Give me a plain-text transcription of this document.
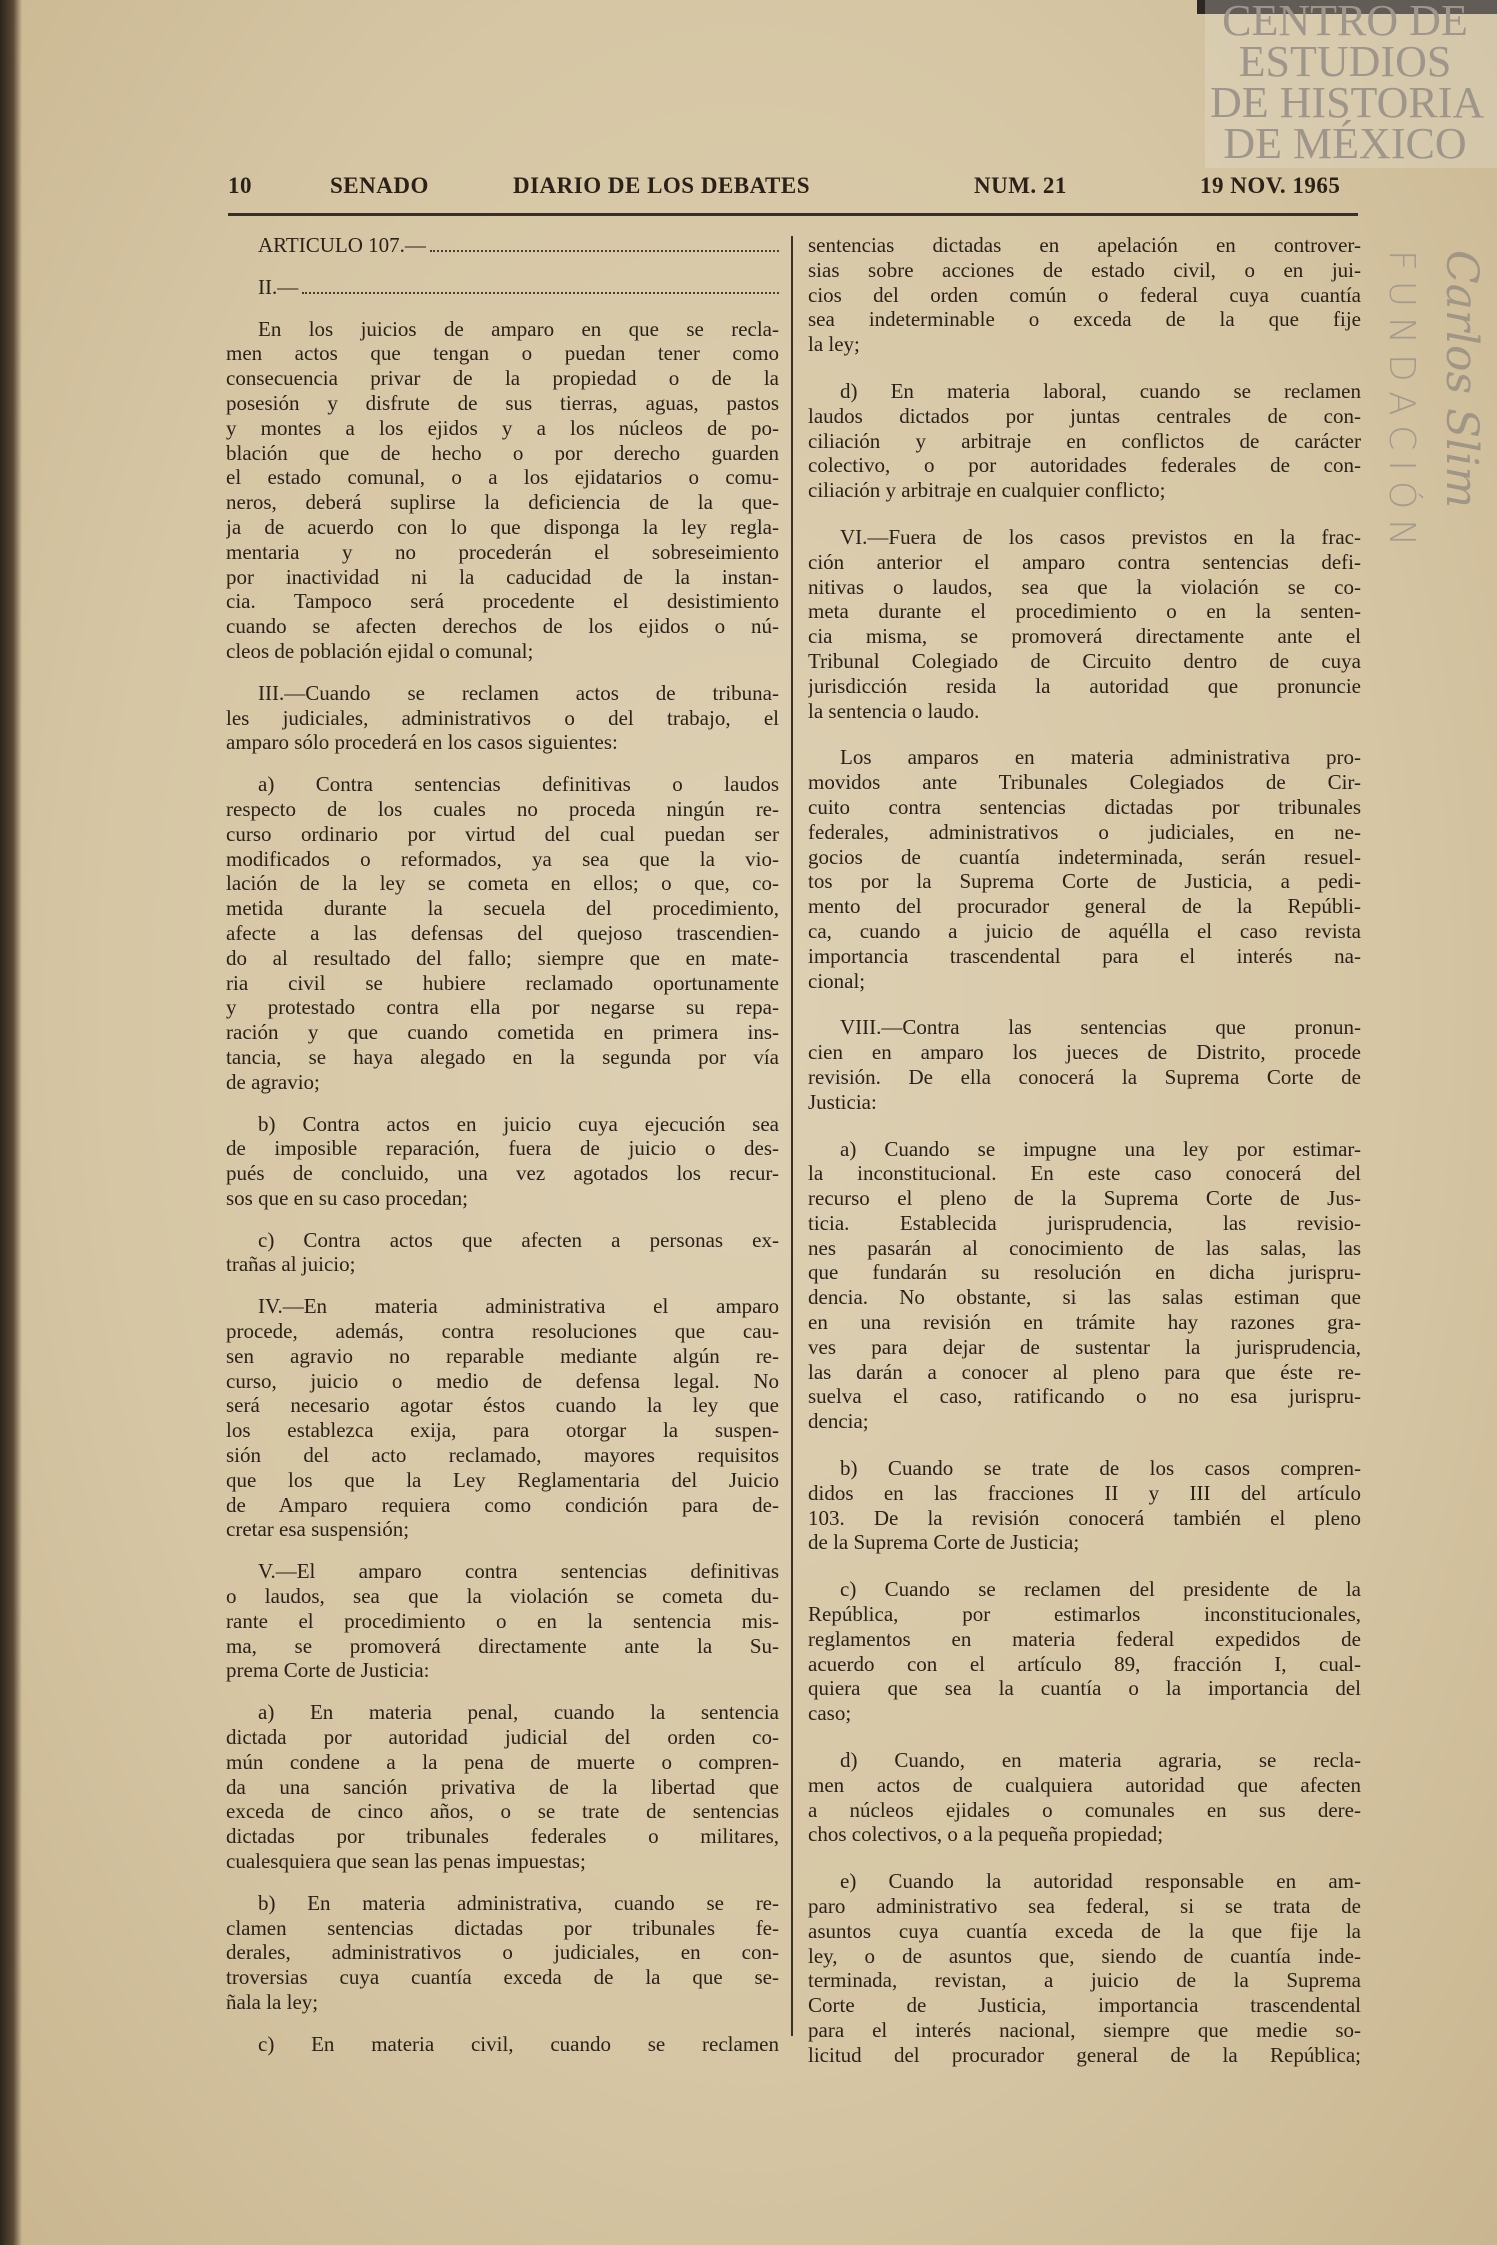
CENTRO DE
ESTUDIOS
DE HISTORIA
DE MÉXICO
FUNDACIÓN Carlos Slim
10	SENADO	DIARIO DE LOS DEBATES	NUM. 21	19 NOV. 1965
ARTICULO 107.—
II.—
En los juicios de amparo en que se recla-
men actos que tengan o puedan tener como
consecuencia privar de la propiedad o de la
posesión y disfrute de sus tierras, aguas, pastos
y montes a los ejidos y a los núcleos de po-
blación que de hecho o por derecho guarden
el estado comunal, o a los ejidatarios o comu-
neros, deberá suplirse la deficiencia de la que-
ja de acuerdo con lo que disponga la ley regla-
mentaria y no procederán el sobreseimiento
por inactividad ni la caducidad de la instan-
cia. Tampoco será procedente el desistimiento
cuando se afecten derechos de los ejidos o nú-
cleos de población ejidal o comunal;
III.—Cuando se reclamen actos de tribuna-
les judiciales, administrativos o del trabajo, el
amparo sólo procederá en los casos siguientes:
a) Contra sentencias definitivas o laudos
respecto de los cuales no proceda ningún re-
curso ordinario por virtud del cual puedan ser
modificados o reformados, ya sea que la vio-
lación de la ley se cometa en ellos; o que, co-
metida durante la secuela del procedimiento,
afecte a las defensas del quejoso trascendien-
do al resultado del fallo; siempre que en mate-
ria civil se hubiere reclamado oportunamente
y protestado contra ella por negarse su repa-
ración y que cuando cometida en primera ins-
tancia, se haya alegado en la segunda por vía
de agravio;
b) Contra actos en juicio cuya ejecución sea
de imposible reparación, fuera de juicio o des-
pués de concluido, una vez agotados los recur-
sos que en su caso procedan;
c) Contra actos que afecten a personas ex-
trañas al juicio;
IV.—En materia administrativa el amparo
procede, además, contra resoluciones que cau-
sen agravio no reparable mediante algún re-
curso, juicio o medio de defensa legal. No
será necesario agotar éstos cuando la ley que
los establezca exija, para otorgar la suspen-
sión del acto reclamado, mayores requisitos
que los que la Ley Reglamentaria del Juicio
de Amparo requiera como condición para de-
cretar esa suspensión;
V.—El amparo contra sentencias definitivas
o laudos, sea que la violación se cometa du-
rante el procedimiento o en la sentencia mis-
ma, se promoverá directamente ante la Su-
prema Corte de Justicia:
a) En materia penal, cuando la sentencia
dictada por autoridad judicial del orden co-
mún condene a la pena de muerte o compren-
da una sanción privativa de la libertad que
exceda de cinco años, o se trate de sentencias
dictadas por tribunales federales o militares,
cualesquiera que sean las penas impuestas;
b) En materia administrativa, cuando se re-
clamen sentencias dictadas por tribunales fe-
derales, administrativos o judiciales, en con-
troversias cuya cuantía exceda de la que se-
ñala la ley;
c) En materia civil, cuando se reclamen
sentencias dictadas en apelación en controver-
sias sobre acciones de estado civil, o en jui-
cios del orden común o federal cuya cuantía
sea indeterminable o exceda de la que fije
la ley;
d) En materia laboral, cuando se reclamen
laudos dictados por juntas centrales de con-
ciliación y arbitraje en conflictos de carácter
colectivo, o por autoridades federales de con-
ciliación y arbitraje en cualquier conflicto;
VI.—Fuera de los casos previstos en la frac-
ción anterior el amparo contra sentencias defi-
nitivas o laudos, sea que la violación se co-
meta durante el procedimiento o en la senten-
cia misma, se promoverá directamente ante el
Tribunal Colegiado de Circuito dentro de cuya
jurisdicción resida la autoridad que pronuncie
la sentencia o laudo.
Los amparos en materia administrativa pro-
movidos ante Tribunales Colegiados de Cir-
cuito contra sentencias dictadas por tribunales
federales, administrativos o judiciales, en ne-
gocios de cuantía indeterminada, serán resuel-
tos por la Suprema Corte de Justicia, a pedi-
mento del procurador general de la Repúbli-
ca, cuando a juicio de aquélla el caso revista
importancia trascendental para el interés na-
cional;
VIII.—Contra las sentencias que pronun-
cien en amparo los jueces de Distrito, procede
revisión. De ella conocerá la Suprema Corte de
Justicia:
a) Cuando se impugne una ley por estimar-
la inconstitucional. En este caso conocerá del
recurso el pleno de la Suprema Corte de Jus-
ticia. Establecida jurisprudencia, las revisio-
nes pasarán al conocimiento de las salas, las
que fundarán su resolución en dicha jurispru-
dencia. No obstante, si las salas estiman que
en una revisión en trámite hay razones gra-
ves para dejar de sustentar la jurisprudencia,
las darán a conocer al pleno para que éste re-
suelva el caso, ratificando o no esa jurispru-
dencia;
b) Cuando se trate de los casos compren-
didos en las fracciones II y III del artículo
103. De la revisión conocerá también el pleno
de la Suprema Corte de Justicia;
c) Cuando se reclamen del presidente de la
República, por estimarlos inconstitucionales,
reglamentos en materia federal expedidos de
acuerdo con el artículo 89, fracción I, cual-
quiera que sea la cuantía o la importancia del
caso;
d) Cuando, en materia agraria, se recla-
men actos de cualquiera autoridad que afecten
a núcleos ejidales o comunales en sus dere-
chos colectivos, o a la pequeña propiedad;
e) Cuando la autoridad responsable en am-
paro administrativo sea federal, si se trata de
asuntos cuya cuantía exceda de la que fije la
ley, o de asuntos que, siendo de cuantía inde-
terminada, revistan, a juicio de la Suprema
Corte de Justicia, importancia trascendental
para el interés nacional, siempre que medie so-
licitud del procurador general de la República;
